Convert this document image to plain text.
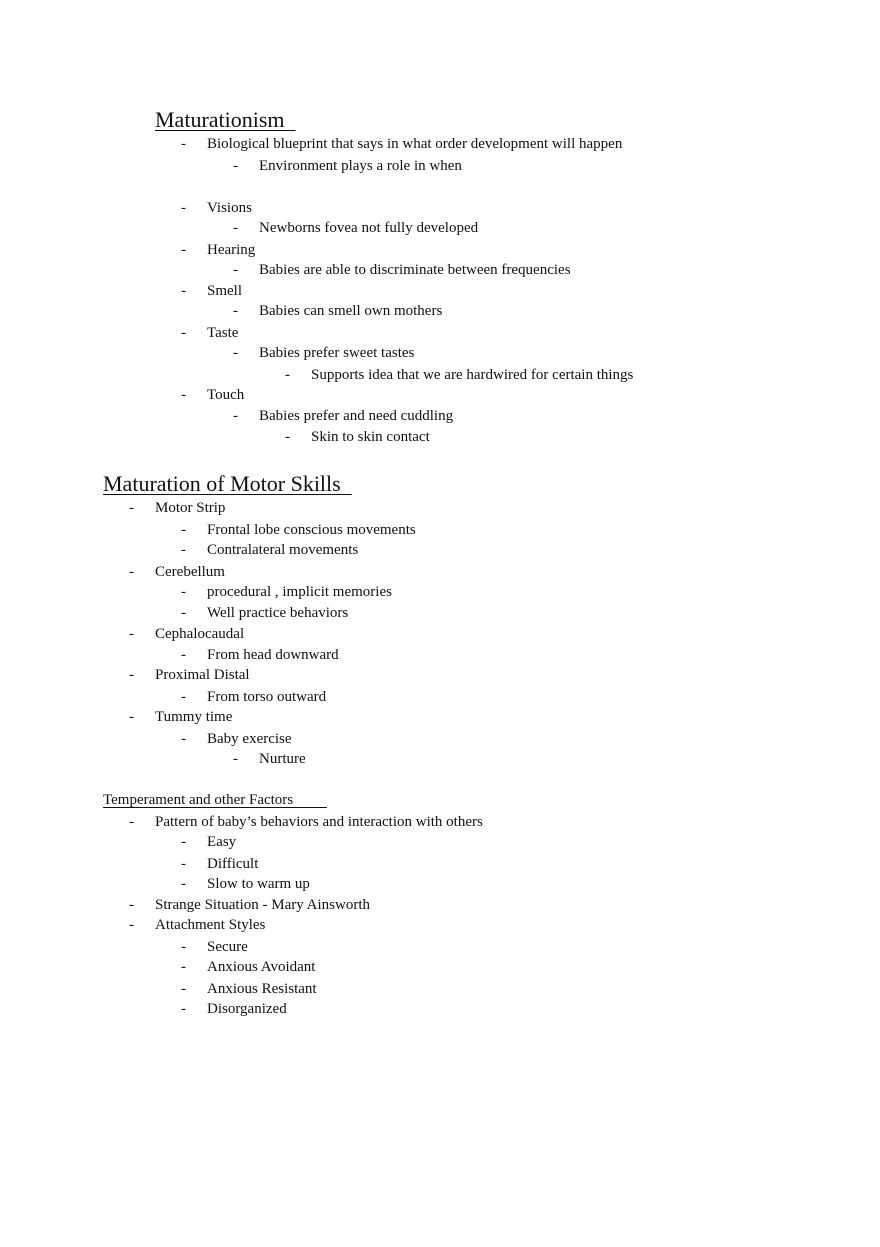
Maturationism
- Biological blueprint that says in what order development will happen
- Environment plays a role in when
- Visions
- Newborns fovea not fully developed
- Hearing
- Babies are able to discriminate between frequencies
- Smell
- Babies can smell own mothers
- Taste
- Babies prefer sweet tastes
- Supports idea that we are hardwired for certain things
- Touch
- Babies prefer and need cuddling
- Skin to skin contact
Maturation of Motor Skills
- Motor Strip
- Frontal lobe conscious movements
- Contralateral movements
- Cerebellum
- procedural , implicit memories
- Well practice behaviors
- Cephalocaudal
- From head downward
- Proximal Distal
- From torso outward
- Tummy time
- Baby exercise
- Nurture
Temperament and other Factors
- Pattern of baby’s behaviors and interaction with others
- Easy
- Difficult
- Slow to warm up
- Strange Situation - Mary Ainsworth
- Attachment Styles
- Secure
- Anxious Avoidant
- Anxious Resistant
- Disorganized
